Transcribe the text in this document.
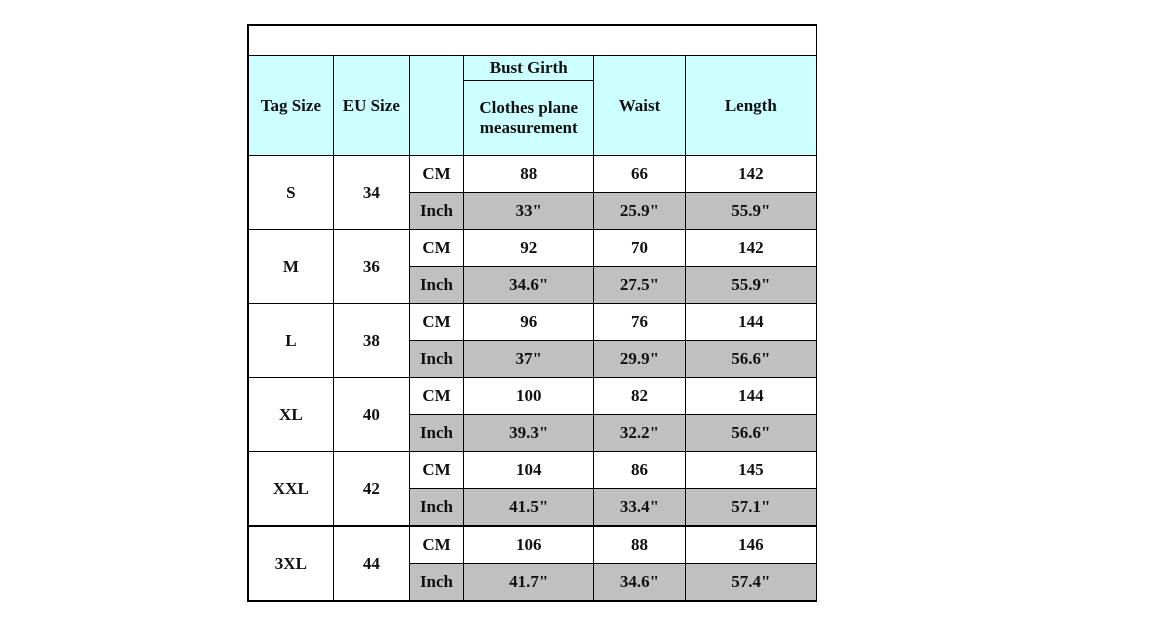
Tag Size	EU Size		Bust Girth	Waist	Length
			Clothes plane
measurement		
S	34	CM	88	66	142
		Inch	33"	25.9"	55.9"
M	36	CM	92	70	142
		Inch	34.6"	27.5"	55.9"
L	38	CM	96	76	144
		Inch	37"	29.9"	56.6"
XL	40	CM	100	82	144
		Inch	39.3"	32.2"	56.6"
XXL	42	CM	104	86	145
		Inch	41.5"	33.4"	57.1"
3XL	44	CM	106	88	146
		Inch	41.7"	34.6"	57.4"
